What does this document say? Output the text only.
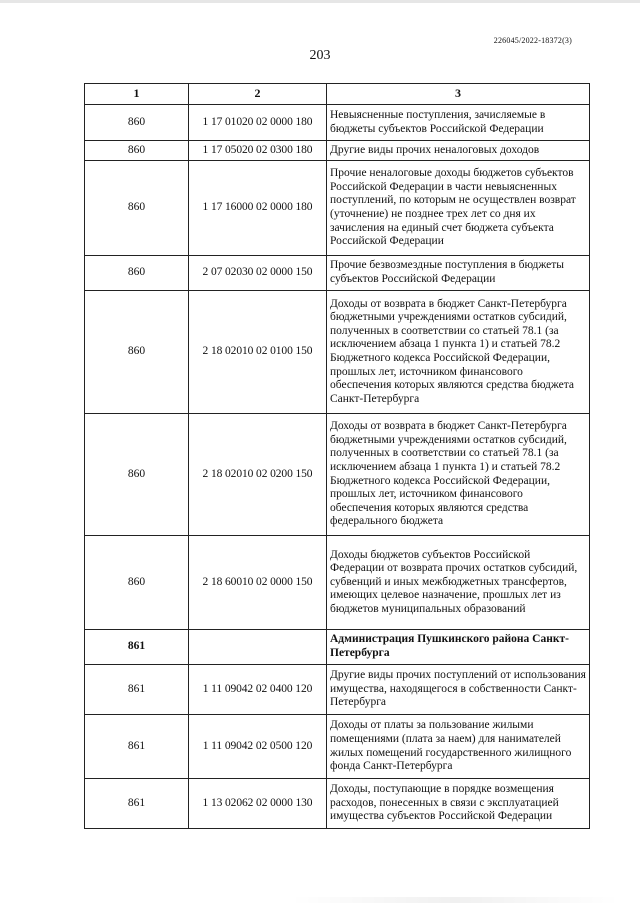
226045/2022-18372(3)
203
1	2	3
860	1 17 01020 02 0000 180	Невыясненные поступления, зачисляемые в бюджеты субъектов Российской Федерации
860	1 17 05020 02 0300 180	Другие виды прочих неналоговых доходов
860	1 17 16000 02 0000 180	Прочие неналоговые доходы бюджетов субъектов Российской Федерации в части невыясненных поступлений, по которым не осуществлен возврат (уточнение) не позднее трех лет со дня их зачисления на единый счет бюджета субъекта Российской Федерации
860	2 07 02030 02 0000 150	Прочие безвозмездные поступления в бюджеты субъектов Российской Федерации
860	2 18 02010 02 0100 150	Доходы от возврата в бюджет Санкт-Петербурга бюджетными учреждениями остатков субсидий, полученных в соответствии со статьей 78.1 (за исключением абзаца 1 пункта 1) и статьей 78.2 Бюджетного кодекса Российской Федерации, прошлых лет, источником финансового обеспечения которых являются средства бюджета Санкт-Петербурга
860	2 18 02010 02 0200 150	Доходы от возврата в бюджет Санкт-Петербурга бюджетными учреждениями остатков субсидий, полученных в соответствии со статьей 78.1 (за исключением абзаца 1 пункта 1) и статьей 78.2 Бюджетного кодекса Российской Федерации, прошлых лет, источником финансового обеспечения которых являются средства федерального бюджета
860	2 18 60010 02 0000 150	Доходы бюджетов субъектов Российской Федерации от возврата прочих остатков субсидий, субвенций и иных межбюджетных трансфертов, имеющих целевое назначение, прошлых лет из бюджетов муниципальных образований
861		Администрация Пушкинского района Санкт-Петербурга
861	1 11 09042 02 0400 120	Другие виды прочих поступлений от использования имущества, находящегося в собственности Санкт-Петербурга
861	1 11 09042 02 0500 120	Доходы от платы за пользование жилыми помещениями (плата за наем) для нанимателей жилых помещений государственного жилищного фонда Санкт-Петербурга
861	1 13 02062 02 0000 130	Доходы, поступающие в порядке возмещения расходов, понесенных в связи с эксплуатацией имущества субъектов Российской Федерации
